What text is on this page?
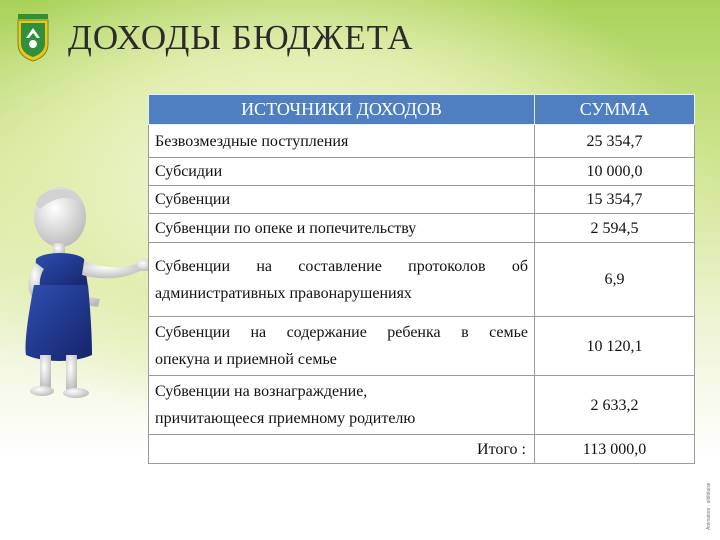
ДОХОДЫ БЮДЖЕТА
ИСТОЧНИКИ ДОХОДОВ	СУММА
Безвозмездные поступления	25 354,7
Субсидии	10 000,0
Субвенции	15 354,7
Субвенции по опеке и попечительству	2 594,5

Субвенции на составление протоколов об
административных правонарушениях	6,9

Субвенции на содержание ребенка в семье
опекуна и приемной семье	10 120,1

Субвенции на вознаграждение,
причитающееся приемному родителю	2 633,2
Итого :	113 000,0
Animation · aldiblaise
